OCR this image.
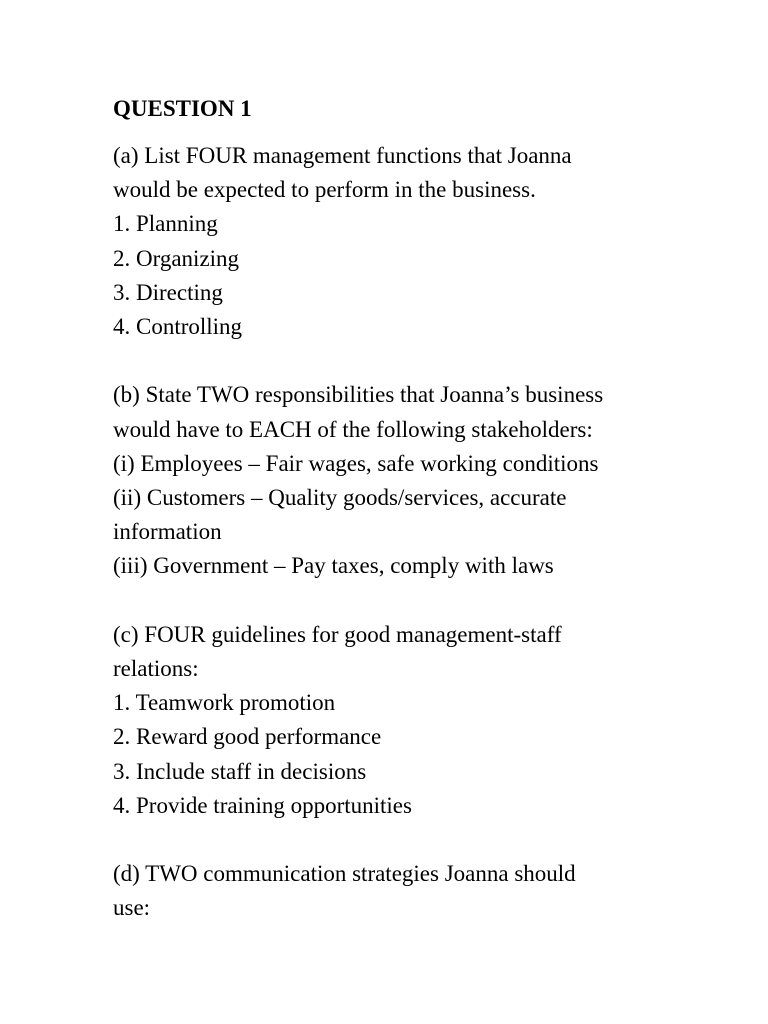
QUESTION 1
(a) List FOUR management functions that Joanna
would be expected to perform in the business.
1. Planning
2. Organizing
3. Directing
4. Controlling
(b) State TWO responsibilities that Joanna’s business
would have to EACH of the following stakeholders:
(i) Employees – Fair wages, safe working conditions
(ii) Customers – Quality goods/services, accurate
information
(iii) Government – Pay taxes, comply with laws
(c) FOUR guidelines for good management-staff
relations:
1. Teamwork promotion
2. Reward good performance
3. Include staff in decisions
4. Provide training opportunities
(d) TWO communication strategies Joanna should
use:
